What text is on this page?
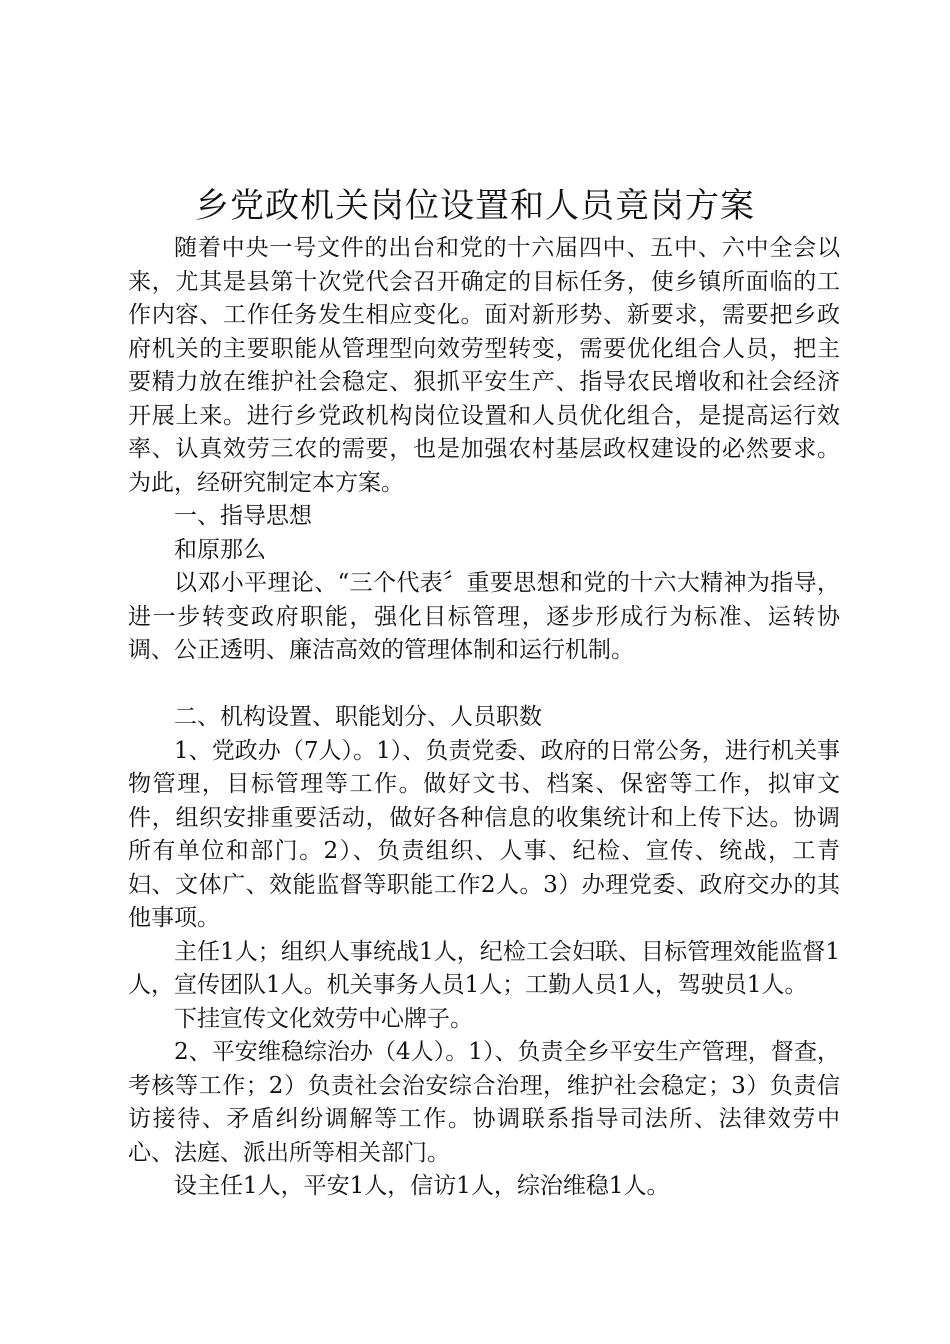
乡党政机关岗位设置和人员竟岗方案

随着中央一号文件的出台和党的十六届四中、五中、六中全会以来，尤其是县第十次党代会召开确定的目标任务，使乡镇所面临的工作内容、工作任务发生相应变化。面对新形势、新要求，需要把乡政府机关的主要职能从管理型向效劳型转变，需要优化组合人员，把主要精力放在维护社会稳定、狠抓平安生产、指导农民增收和社会经济开展上来。进行乡党政机构岗位设置和人员优化组合，是提高运行效率、认真效劳三农的需要，也是加强农村基层政权建设的必然要求。为此，经研究制定本方案。

一、指导思想

和原那么

以邓小平理论、“三个代表〞重要思想和党的十六大精神为指导，进一步转变政府职能，强化目标管理，逐步形成行为标准、运转协调、公正透明、廉洁高效的管理体制和运行机制。

二、机构设置、职能划分、人员职数

1、党政办（7人）。1）、负责党委、政府的日常公务，进行机关事物管理，目标管理等工作。做好文书、档案、保密等工作，拟审文件，组织安排重要活动，做好各种信息的收集统计和上传下达。协调所有单位和部门。2）、负责组织、人事、纪检、宣传、统战，工青妇、文体广、效能监督等职能工作2人。3）办理党委、政府交办的其他事项。

主任1人；组织人事统战1人，纪检工会妇联、目标管理效能监督1人，宣传团队1人。机关事务人员1人；工勤人员1人，驾驶员1人。

下挂宣传文化效劳中心牌子。

2、平安维稳综治办（4人）。1）、负责全乡平安生产管理，督查，考核等工作；2）负责社会治安综合治理，维护社会稳定；3）负责信访接待、矛盾纠纷调解等工作。协调联系指导司法所、法律效劳中心、法庭、派出所等相关部门。

设主任1人，平安1人，信访1人，综治维稳1人。
